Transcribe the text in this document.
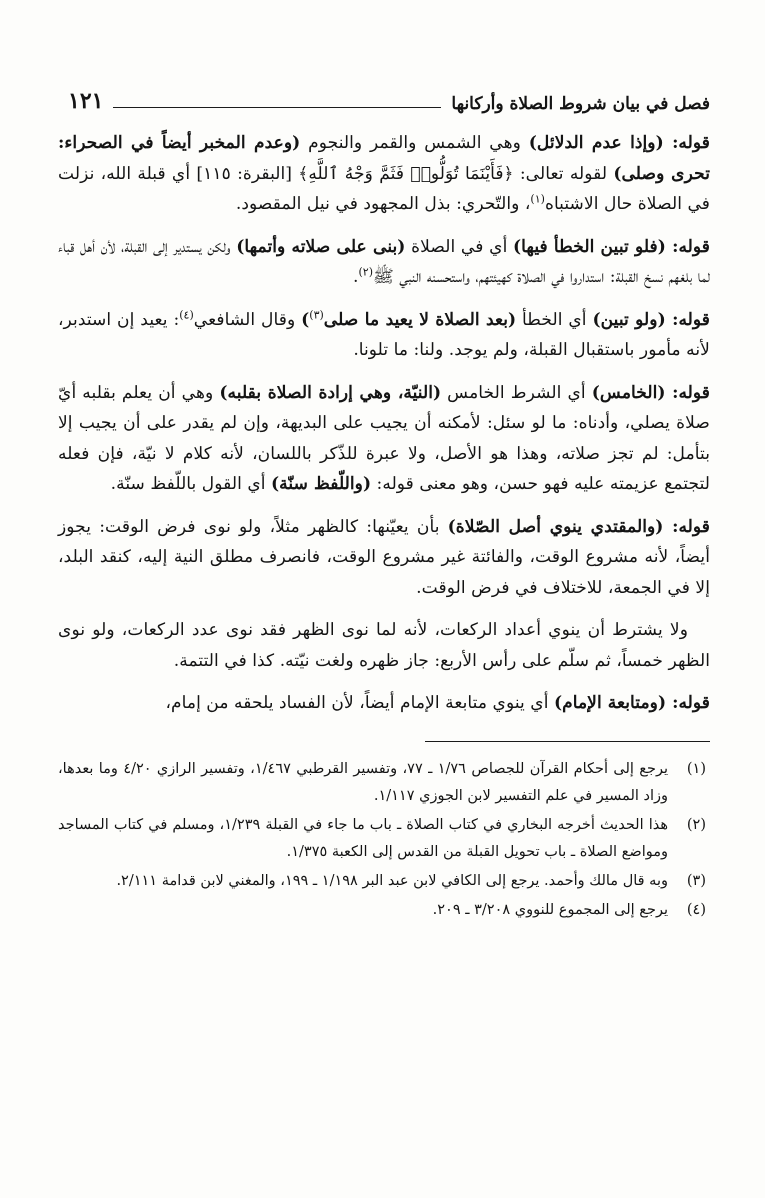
فصل في بيان شروط الصلاة وأركانها
١٢١

قوله: (وإذا عدم الدلائل) وهي الشمس والقمر والنجوم (وعدم المخبر أيضاً في الصحراء: تحرى وصلى) لقوله تعالى: ﴿فَأَيْنَمَا تُوَلُّوا۟ فَثَمَّ وَجْهُ ٱللَّهِ﴾ [البقرة: ١١٥] أي قبلة الله، نزلت في الصلاة حال الاشتباه$^{(١)}$، والتّحري: بذل المجهود في نيل المقصود.

قوله: (فلو تبين الخطأ فيها) أي في الصلاة (بنى على صلاته وأتمها) ولكن يستدير إلى القبلة، لأن أهل قباء لما بلغهم نسخ القبلة: استداروا في الصلاة كهيئتهم، واستحسنه النبي ﷺ$^{(٢)}$.

قوله: (ولو تبين) أي الخطأ (بعد الصلاة لا يعيد ما صلى$^{(٣)}$) وقال الشافعي$^{(٤)}$: يعيد إن استدبر، لأنه مأمور باستقبال القبلة، ولم يوجد. ولنا: ما تلونا.

قوله: (الخامس) أي الشرط الخامس (النيّة، وهي إرادة الصلاة بقلبه) وهي أن يعلم بقلبه أيّ صلاة يصلي، وأدناه: ما لو سئل: لأمكنه أن يجيب على البديهة، وإن لم يقدر على أن يجيب إلا بتأمل: لم تجز صلاته، وهذا هو الأصل، ولا عبرة للذّكر باللسان، لأنه كلام لا نيّة، فإن فعله لتجتمع عزيمته عليه فهو حسن، وهو معنى قوله: (واللّفظ سنّة) أي القول باللّفظ سنّة.

قوله: (والمقتدي ينوي أصل الصّلاة) بأن يعيّنها: كالظهر مثلاً، ولو نوى فرض الوقت: يجوز أيضاً، لأنه مشروع الوقت، والفائتة غير مشروع الوقت، فانصرف مطلق النية إليه، كنقد البلد، إلا في الجمعة، للاختلاف في فرض الوقت.

ولا يشترط أن ينوي أعداد الركعات، لأنه لما نوى الظهر فقد نوى عدد الركعات، ولو نوى الظهر خمساً، ثم سلّم على رأس الأربع: جاز ظهره ولغت نيّته. كذا في التتمة.

قوله: (ومتابعة الإمام) أي ينوي متابعة الإمام أيضاً، لأن الفساد يلحقه من إمام،

(١)
يرجع إلى أحكام القرآن للجصاص ١/٧٦ ـ ٧٧، وتفسير القرطبي ١/٤٦٧، وتفسير الرازي ٤/٢٠ وما بعدها، وزاد المسير في علم التفسير لابن الجوزي ١/١١٧.
(٢)
هذا الحديث أخرجه البخاري في كتاب الصلاة ـ باب ما جاء في القبلة ١/٢٣٩، ومسلم في كتاب المساجد ومواضع الصلاة ـ باب تحويل القبلة من القدس إلى الكعبة ١/٣٧٥.
(٣)
وبه قال مالك وأحمد. يرجع إلى الكافي لابن عبد البر ١/١٩٨ ـ ١٩٩، والمغني لابن قدامة ٢/١١١.
(٤)
يرجع إلى المجموع للنووي ٣/٢٠٨ ـ ٢٠٩.
